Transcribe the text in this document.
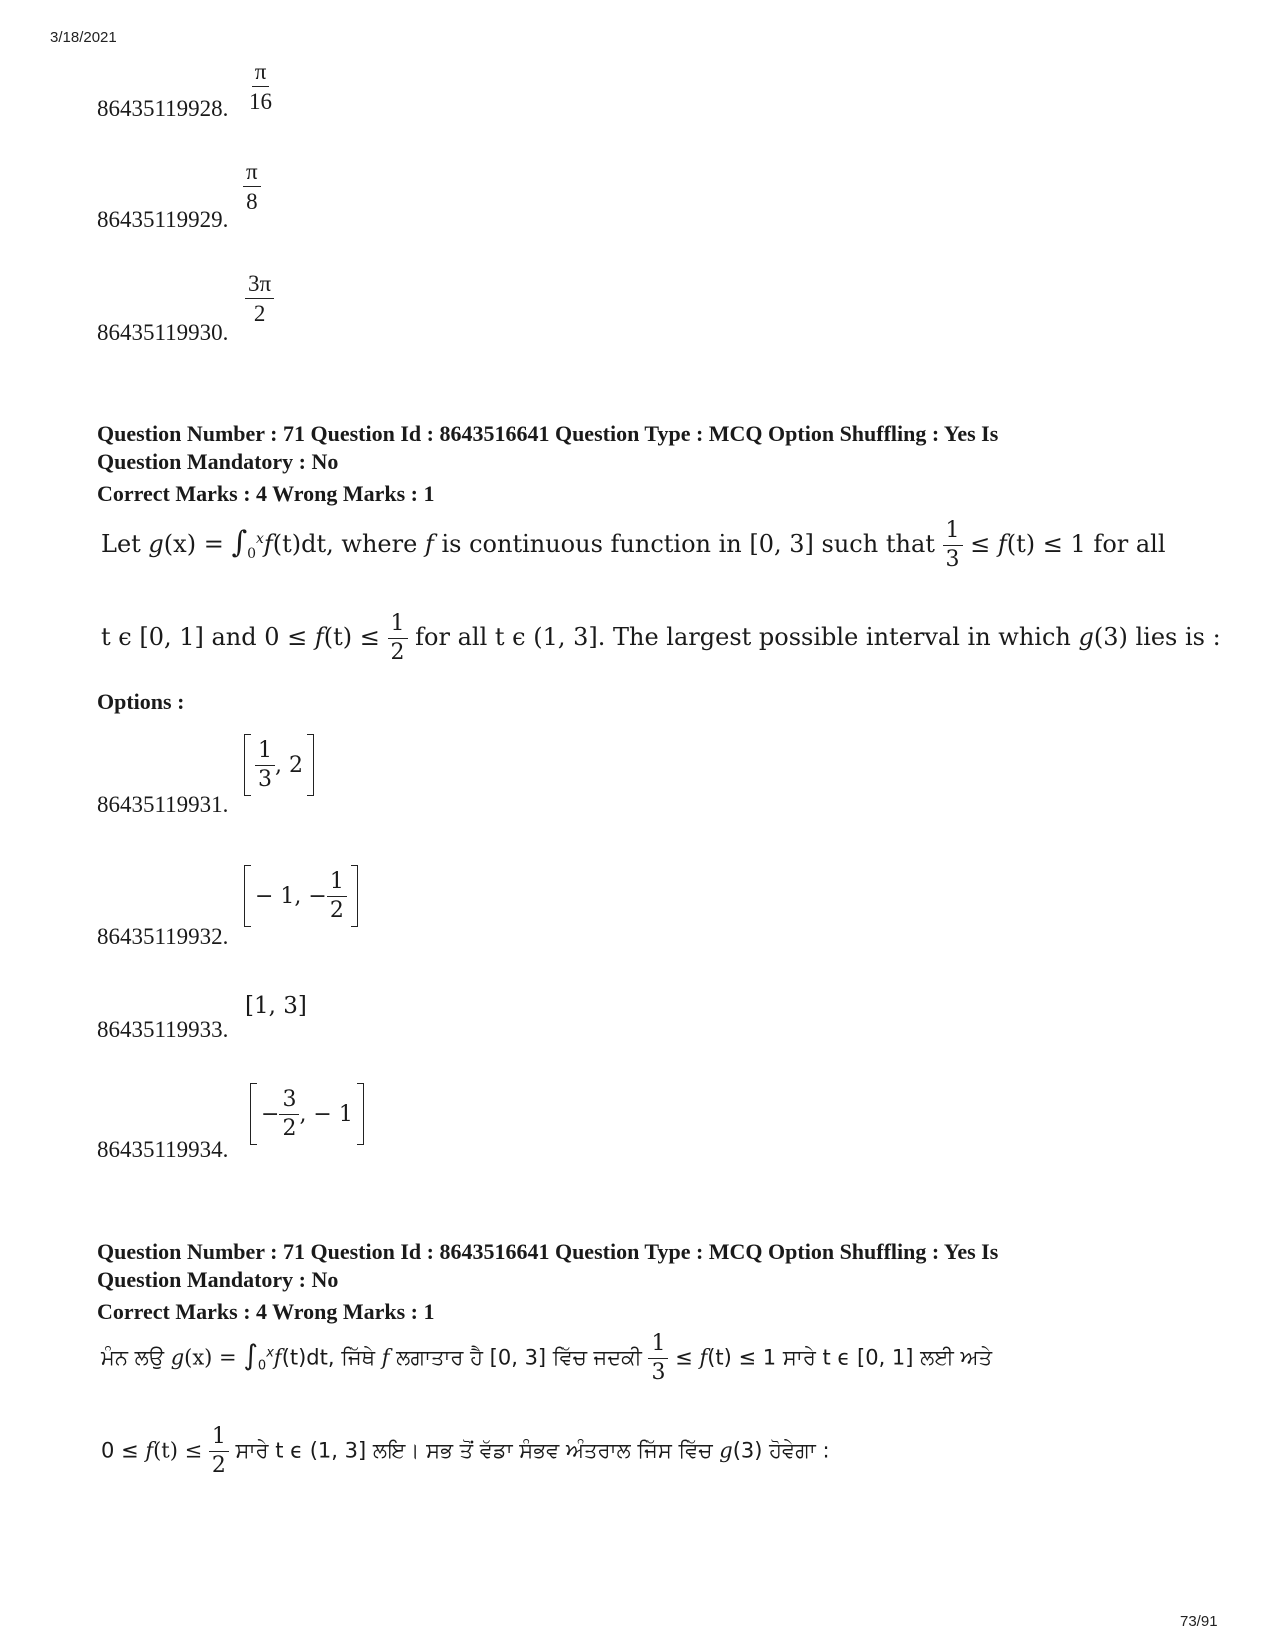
3/18/2021
73/91
86435119928. $\frac{\pi}{16}$
86435119929.
$\frac{\pi}{8}$
86435119930.
$\frac{3\pi}{2}$
Question Number : 71 Question Id : 8643516641 Question Type : MCQ Option Shuffling : Yes Is
Question Mandatory : No
Correct Marks : 4 Wrong Marks : 1
Let $g(x) = \int_0^xf(t)dt$, where f is continuous function in [0, 3] such that $\frac{1}{3} \le f(t) \le 1$ for all
t ϵ [0, 1] and $0 \le f(t) \le \frac{1}{2}$ for all t ϵ (1, 3]. The largest possible interval in which g(3) lies is :
Options :
86435119931.
$\frac{1}{3}$ , 2
86435119932.
− 1, − $\frac{1}{2}$
86435119933.
[1, 3]
86435119934.
− $\frac{3}{2}$ , − 1
Question Number : 71 Question Id : 8643516641 Question Type : MCQ Option Shuffling : Yes Is
Question Mandatory : No
Correct Marks : 4 Wrong Marks : 1
ਮੰਨ ਲਉ $g(x) = \int_0^xf(t)dt$, ਜਿੱਥੇ f ਲਗਾਤਾਰ ਹੈ [0, 3] ਵਿੱਚ ਜਦਕੀ $\frac{1}{3} \le f(t) \le 1$ ਸਾਰੇ t ϵ [0, 1] ਲਈ ਅਤੇ
$0 \le f(t) \le \frac{1}{2}$ ਸਾਰੇ t ϵ (1, 3] ਲਇ। ਸਭ ਤੋਂ ਵੱਡਾ ਸੰਭਵ ਅੰਤਰਾਲ ਜਿੱਸ ਵਿੱਚ g(3) ਹੋਵੇਗਾ :
